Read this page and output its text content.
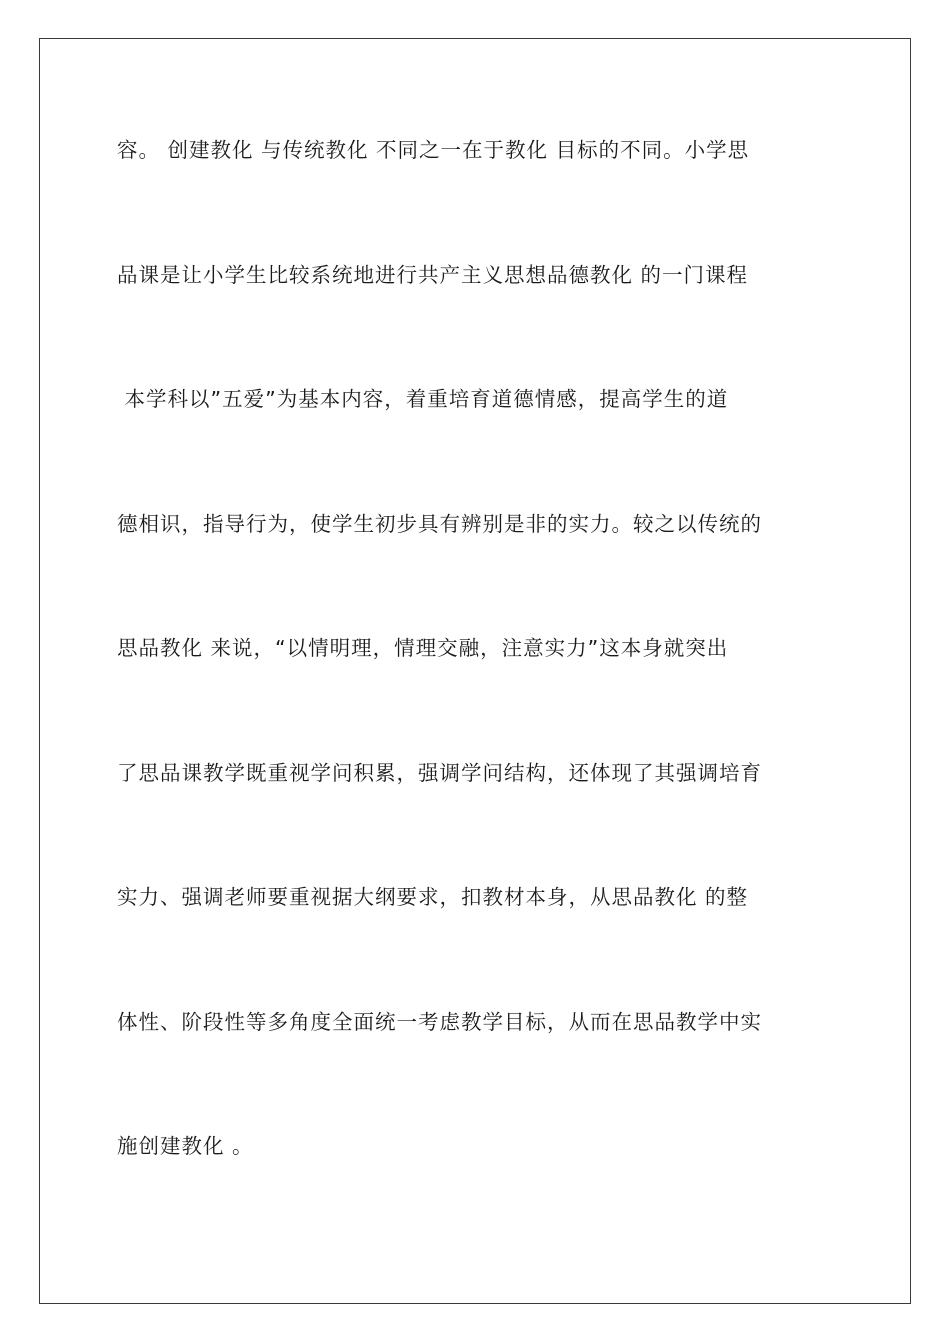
容。 创建教化 与传统教化 不同之一在于教化 目标的不同。小学思
品课是让小学生比较系统地进行共产主义思想品德教化 的一门课程
本学科以”五爱”为基本内容，着重培育道德情感，提高学生的道
德相识，指导行为，使学生初步具有辨别是非的实力。较之以传统的
思品教化 来说，“以情明理，情理交融，注意实力”这本身就突出
了思品课教学既重视学问积累，强调学问结构，还体现了其强调培育
实力、强调老师要重视据大纲要求，扣教材本身，从思品教化 的整
体性、阶段性等多角度全面统一考虑教学目标，从而在思品教学中实
施创建教化 。
